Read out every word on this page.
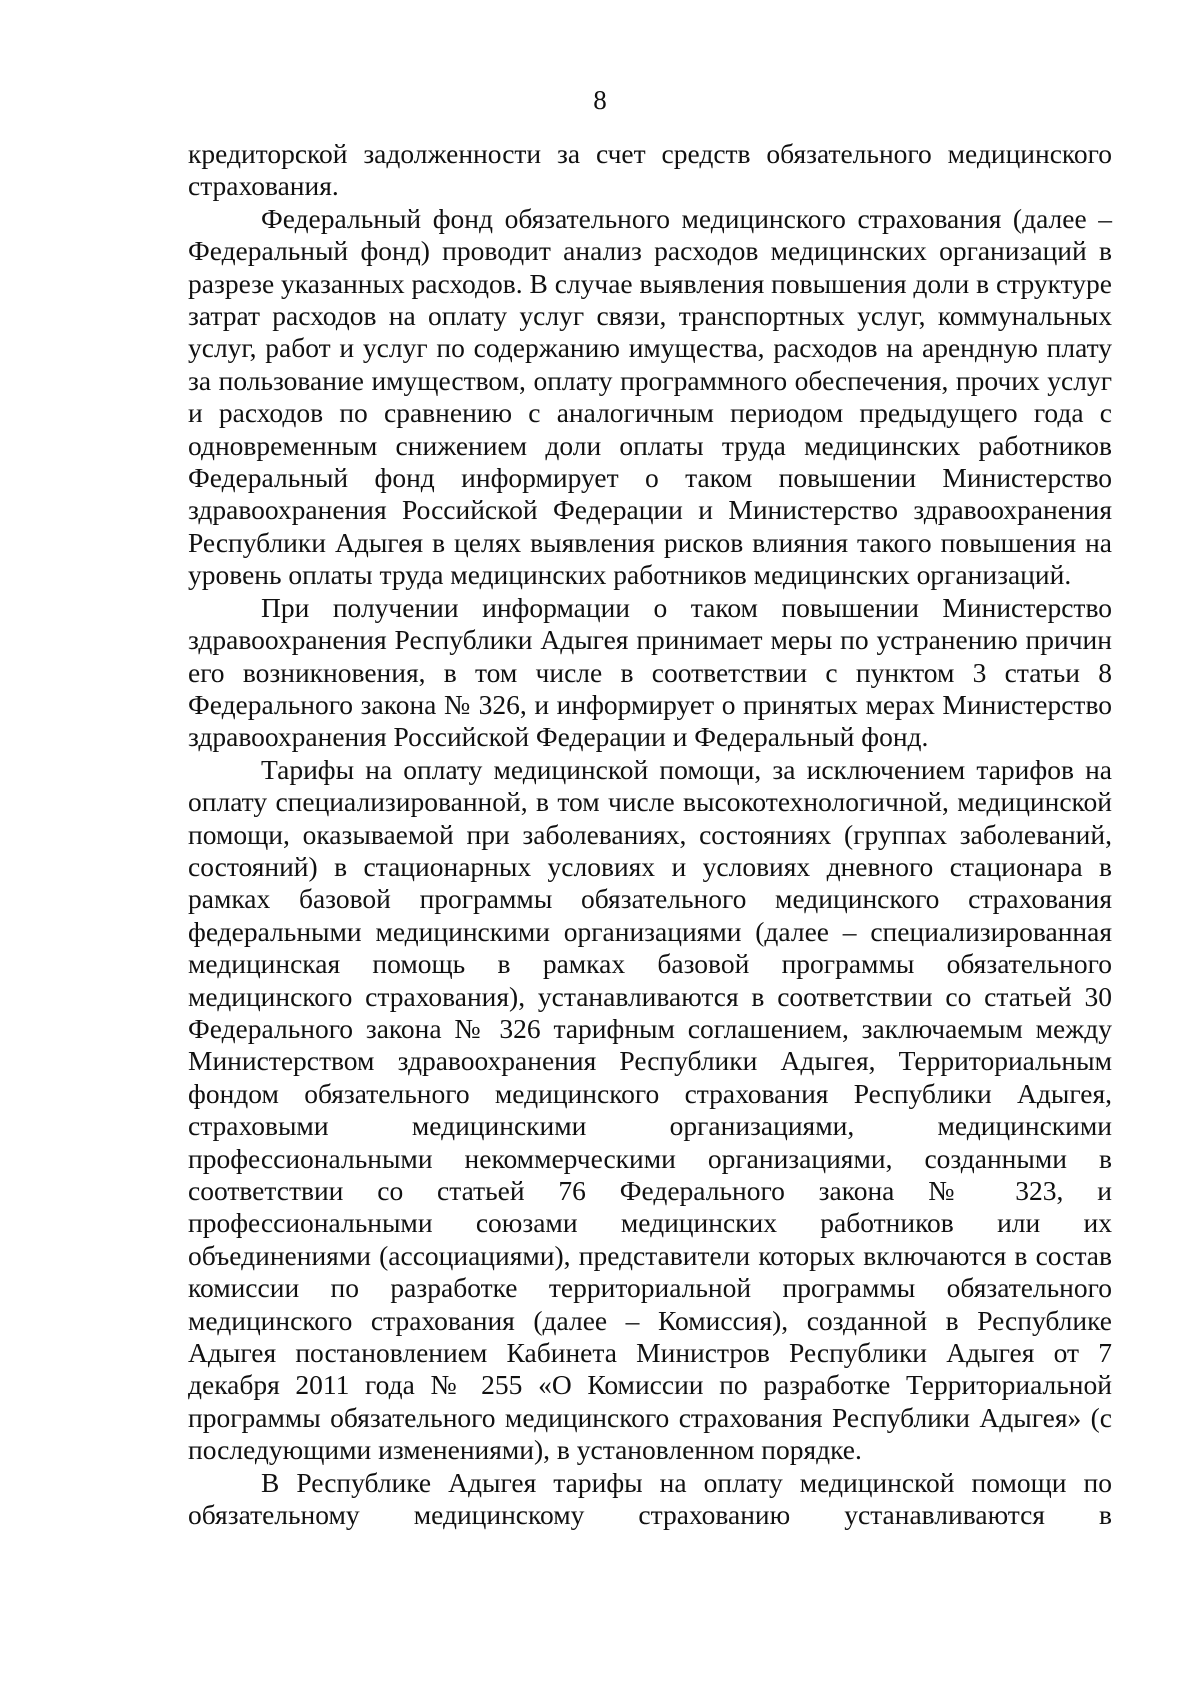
8

кредиторской задолженности за счет средств обязательного медицинского страхования.

Федеральный фонд обязательного медицинского страхования (далее – Федеральный фонд) проводит анализ расходов медицинских организаций в разрезе указанных расходов. В случае выявления повышения доли в структуре затрат расходов на оплату услуг связи, транспортных услуг, коммунальных услуг, работ и услуг по содержанию имущества, расходов на арендную плату за пользование имуществом, оплату программного обеспечения, прочих услуг и расходов по сравнению с аналогичным периодом предыдущего года с одновременным снижением доли оплаты труда медицинских работников Федеральный фонд информирует о таком повышении Министерство здравоохранения Российской Федерации и Министерство здравоохранения Республики Адыгея в целях выявления рисков влияния такого повышения на уровень оплаты труда медицинских работников медицинских организаций.

При получении информации о таком повышении Министерство здравоохранения Республики Адыгея принимает меры по устранению причин его возникновения, в том числе в соответствии с пунктом 3 статьи 8 Федерального закона № 326, и информирует о принятых мерах Министерство здравоохранения Российской Федерации и Федеральный фонд.

Тарифы на оплату медицинской помощи, за исключением тарифов на оплату специализированной, в том числе высокотехнологичной, медицинской помощи, оказываемой при заболеваниях, состояниях (группах заболеваний, состояний) в стационарных условиях и условиях дневного стационара в рамках базовой программы обязательного медицинского страхования федеральными медицинскими организациями (далее – специализированная медицинская помощь в рамках базовой программы обязательного медицинского страхования), устанавливаются в соответствии со статьей 30 Федерального закона № 326 тарифным соглашением, заключаемым между Министерством здравоохранения Республики Адыгея, Территориальным фондом обязательного медицинского страхования Республики Адыгея, страховыми медицинскими организациями, медицинскими профессиональными некоммерческими организациями, созданными в соответствии со статьей 76 Федерального закона № 323, и профессиональными союзами медицинских работников или их объединениями (ассоциациями), представители которых включаются в состав комиссии по разработке территориальной программы обязательного медицинского страхования (далее – Комиссия), созданной в Республике Адыгея постановлением Кабинета Министров Республики Адыгея от 7 декабря 2011 года № 255 «О Комиссии по разработке Территориальной программы обязательного медицинского страхования Республики Адыгея» (с последующими изменениями), в установленном порядке.

В Республике Адыгея тарифы на оплату медицинской помощи по обязательному медицинскому страхованию устанавливаются в
